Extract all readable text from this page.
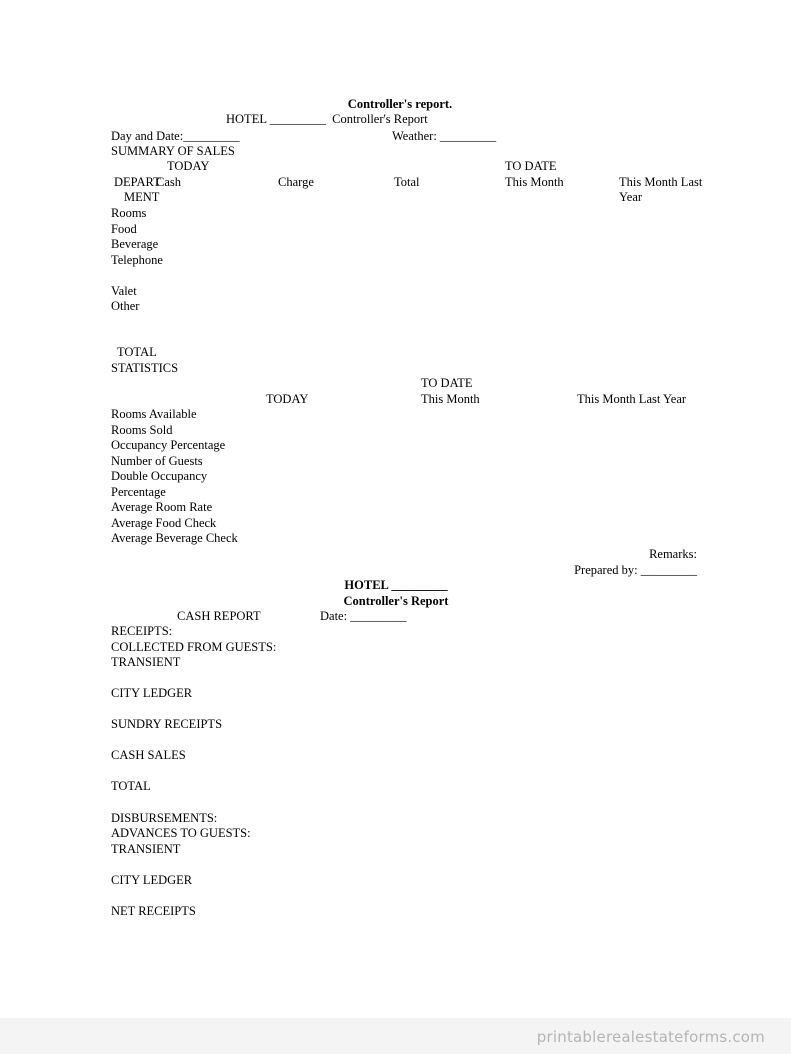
Controller's report.
HOTEL _________  Controller's Report
Day and Date:_________	Weather: _________
SUMMARY OF SALES
TODAY	TO DATE
DEPART
MENT
Cash	Charge	Total	This Month	This Month Last
Year
Rooms
Food
Beverage
Telephone
Valet
Other
TOTAL
STATISTICS
TO DATE
TODAY	This Month	This Month Last Year
Rooms Available
Rooms Sold
Occupancy Percentage
Number of Guests
Double Occupancy
Percentage
Average Room Rate
Average Food Check
Average Beverage Check
Remarks:
Prepared by: _________
HOTEL _________
Controller's Report
CASH REPORT	Date: _________
RECEIPTS:
COLLECTED FROM GUESTS:
TRANSIENT
CITY LEDGER
SUNDRY RECEIPTS
CASH SALES
TOTAL
DISBURSEMENTS:
ADVANCES TO GUESTS:
TRANSIENT
CITY LEDGER
NET RECEIPTS
printablerealestateforms.com
